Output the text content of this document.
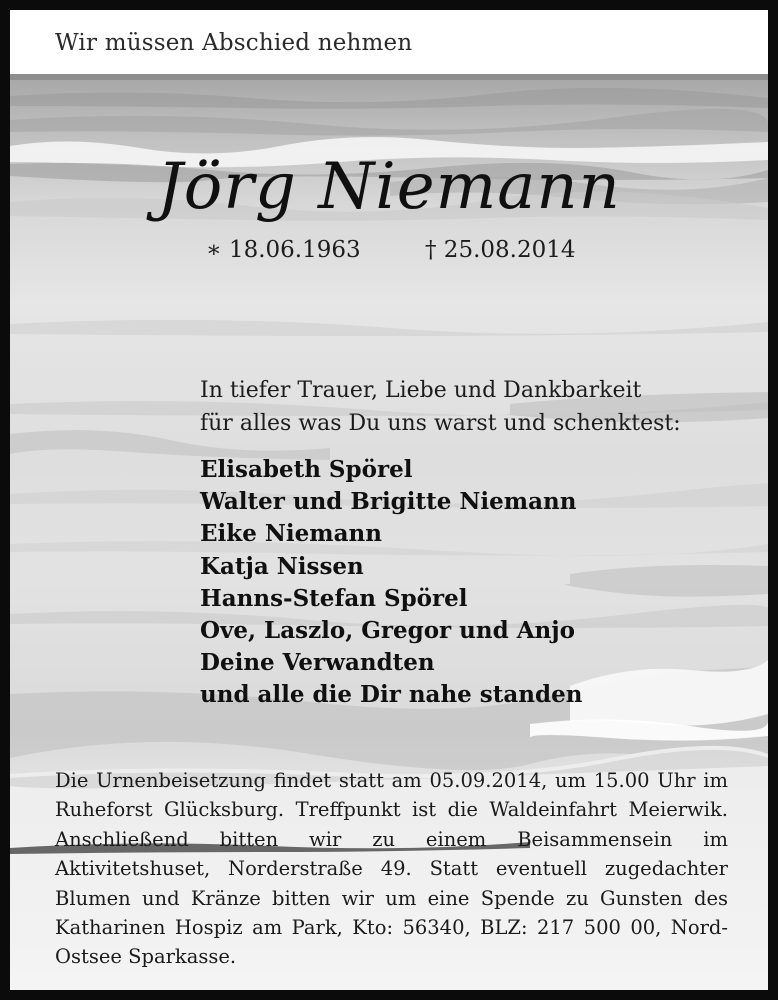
Wir müssen Abschied nehmen
Jörg Niemann
∗ 18.06.1963	† 25.08.2014
In tiefer Trauer, Liebe und Dankbarkeit
für alles was Du uns warst und schenktest:
Elisabeth Spörel
Walter und Brigitte Niemann
Eike Niemann
Katja Nissen
Hanns-Stefan Spörel
Ove, Laszlo, Gregor und Anjo
Deine Verwandten
und alle die Dir nahe standen
Die Urnenbeisetzung findet statt am 05.09.2014, um 15.00 Uhr im Ruheforst Glücksburg. Treffpunkt ist die Waldeinfahrt Meierwik. Anschließend bitten wir zu einem Beisammensein im Aktivitetshuset, Norderstraße 49. Statt eventuell zugedachter Blumen und Kränze bitten wir um eine Spende zu Gunsten des Katharinen Hospiz am Park, Kto: 56340, BLZ: 217 500 00, Nord-Ostsee Sparkasse.
